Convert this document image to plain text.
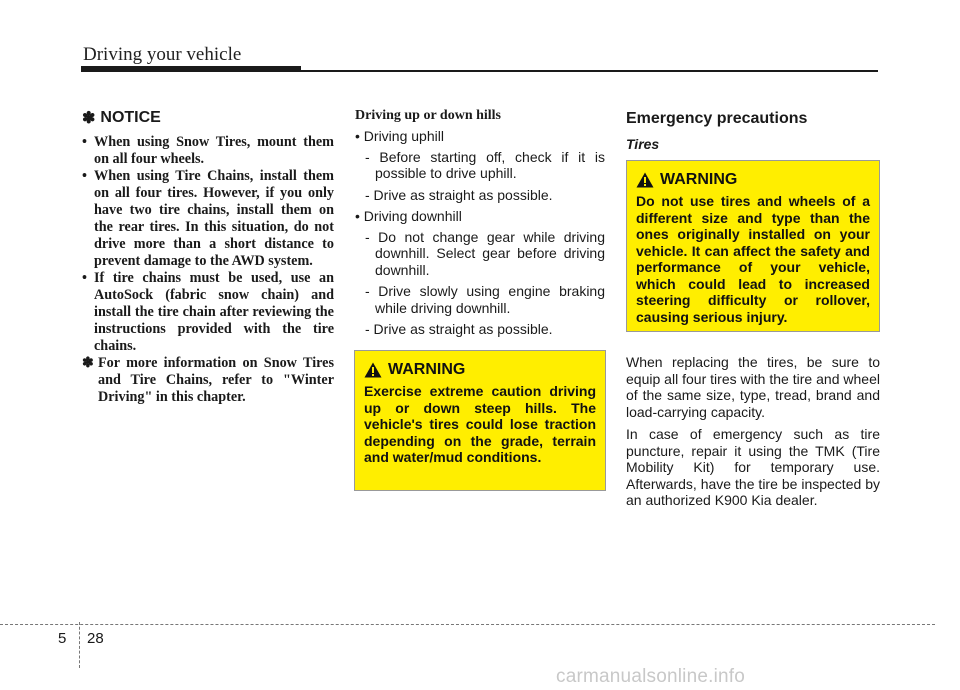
Driving your vehicle
✽ NOTICE
• When using Snow Tires, mount them on all four wheels.
• When using Tire Chains, install them on all four tires. However, if you only have two tire chains, install them on the rear tires. In this situation, do not drive more than a short distance to prevent damage to the AWD system.
• If tire chains must be used, use an AutoSock (fabric snow chain) and install the tire chain after reviewing the instructions provided with the tire chains.
✽ For more information on Snow Tires and Tire Chains, refer to "Winter Driving" in this chapter.
Driving up or down hills
• Driving uphill
- Before starting off, check if it is possible to drive uphill.
- Drive as straight as possible.
• Driving downhill
- Do not change gear while driving downhill. Select gear before driving downhill.
- Drive slowly using engine braking while driving downhill.
- Drive as straight as possible.
WARNING
Exercise extreme caution driving up or down steep hills. The vehicle's tires could lose traction depending on the grade, terrain and water/mud conditions.
Emergency precautions
Tires
WARNING
Do not use tires and wheels of a different size and type than the ones originally installed on your vehicle. It can affect the safety and performance of your vehicle, which could lead to increased steering difficulty or rollover, causing serious injury.
When replacing the tires, be sure to equip all four tires with the tire and wheel of the same size, type, tread, brand and load-carrying capacity.
In case of emergency such as tire puncture, repair it using the TMK (Tire Mobility Kit) for temporary use. Afterwards, have the tire be inspected by an authorized K900 Kia dealer.
5 28
carmanualsonline.info
